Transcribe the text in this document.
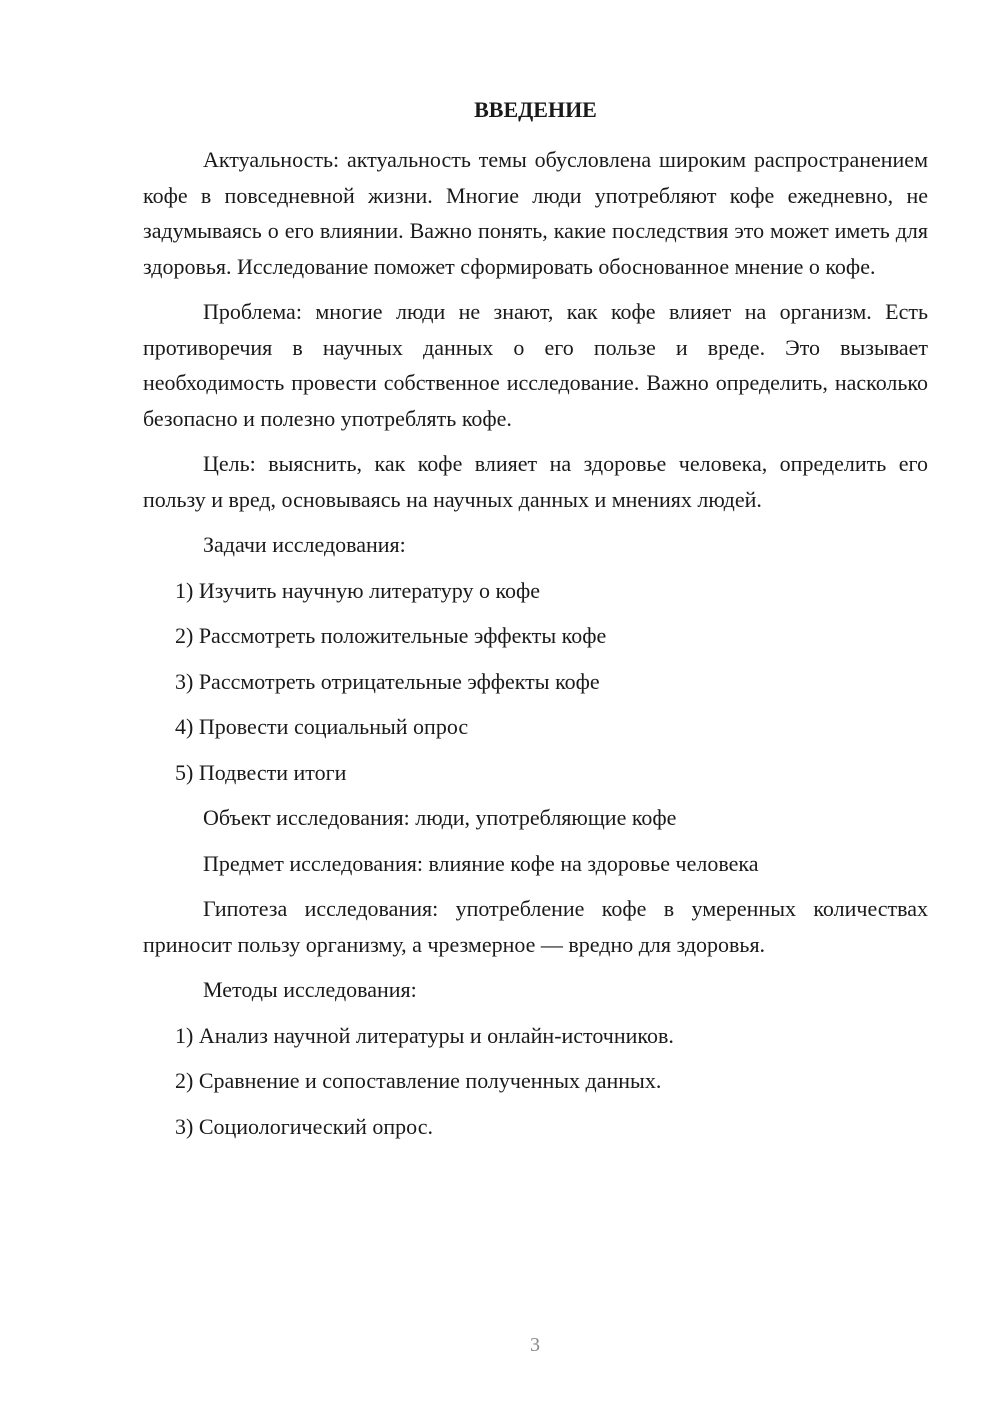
ВВЕДЕНИЕ

Актуальность: актуальность темы обусловлена широким распространением кофе в повседневной жизни. Многие люди употребляют кофе ежедневно, не задумываясь о его влиянии. Важно понять, какие последствия это может иметь для здоровья. Исследование поможет сформировать обоснованное мнение о кофе.

Проблема: многие люди не знают, как кофе влияет на организм. Есть противоречия в научных данных о его пользе и вреде. Это вызывает необходимость провести собственное исследование. Важно определить, насколько безопасно и полезно употреблять кофе.

Цель: выяснить, как кофе влияет на здоровье человека, определить его пользу и вред, основываясь на научных данных и мнениях людей.

Задачи исследования:
1) Изучить научную литературу о кофе
2) Рассмотреть положительные эффекты кофе
3) Рассмотреть отрицательные эффекты кофе
4) Провести социальный опрос
5) Подвести итоги
Объект исследования: люди, употребляющие кофе
Предмет исследования: влияние кофе на здоровье человека

Гипотеза исследования: употребление кофе в умеренных количествах приносит пользу организму, а чрезмерное — вредно для здоровья.

Методы исследования:
1) Анализ научной литературы и онлайн-источников.
2) Сравнение и сопоставление полученных данных.
3) Социологический опрос.
3
